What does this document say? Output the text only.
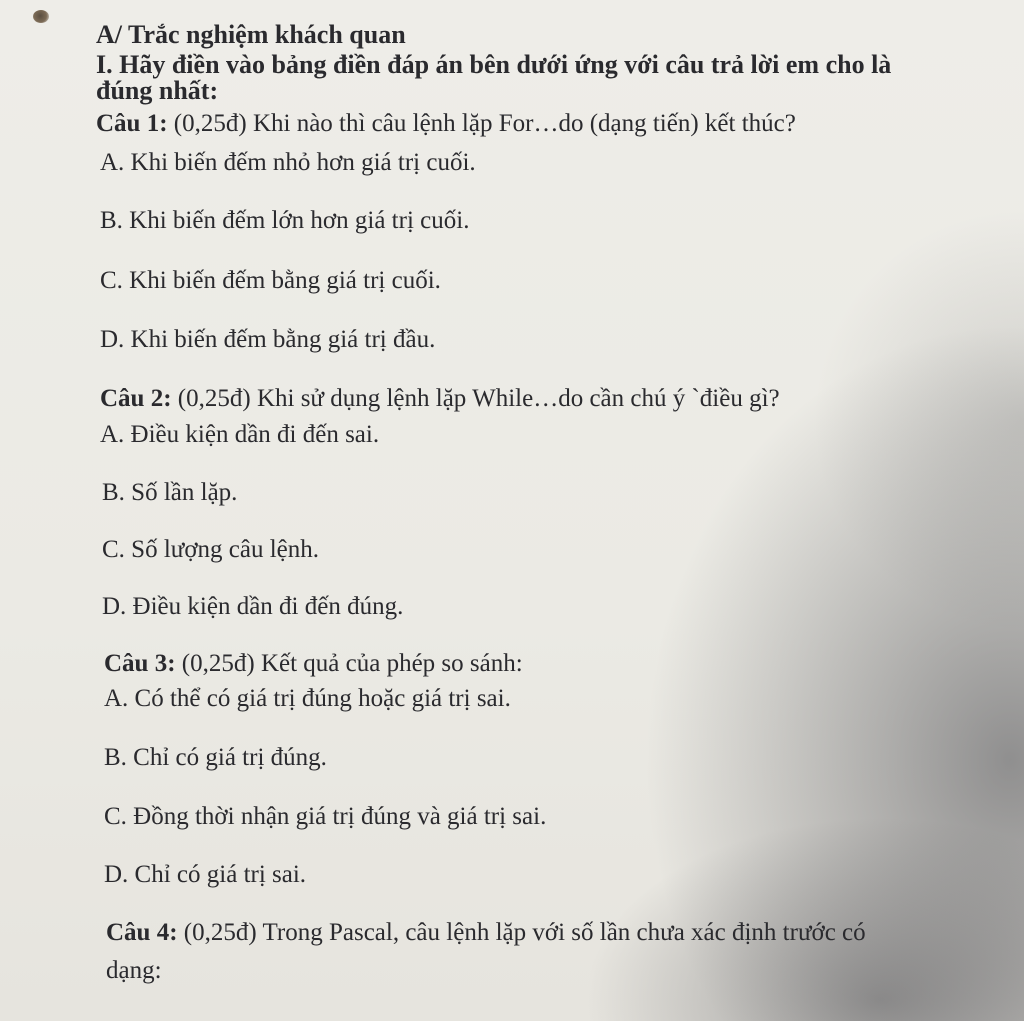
A/ Trắc nghiệm khách quan
I. Hãy điền vào bảng điền đáp án bên dưới ứng với câu trả lời em cho là
đúng nhất:
Câu 1: (0,25đ) Khi nào thì câu lệnh lặp For…do (dạng tiến) kết thúc?
A. Khi biến đếm nhỏ hơn giá trị cuối.
B. Khi biến đếm lớn hơn giá trị cuối.
C. Khi biến đếm bằng giá trị cuối.
D. Khi biến đếm bằng giá trị đầu.
Câu 2: (0,25đ) Khi sử dụng lệnh lặp While…do cần chú ý `điều gì?
A. Điều kiện dần đi đến sai.
B. Số lần lặp.
C. Số lượng câu lệnh.
D. Điều kiện dần đi đến đúng.
Câu 3: (0,25đ) Kết quả của phép so sánh:
A. Có thể có giá trị đúng hoặc giá trị sai.
B. Chỉ có giá trị đúng.
C. Đồng thời nhận giá trị đúng và giá trị sai.
D. Chỉ có giá trị sai.
Câu 4: (0,25đ) Trong Pascal, câu lệnh lặp với số lần chưa xác định trước có
dạng:
